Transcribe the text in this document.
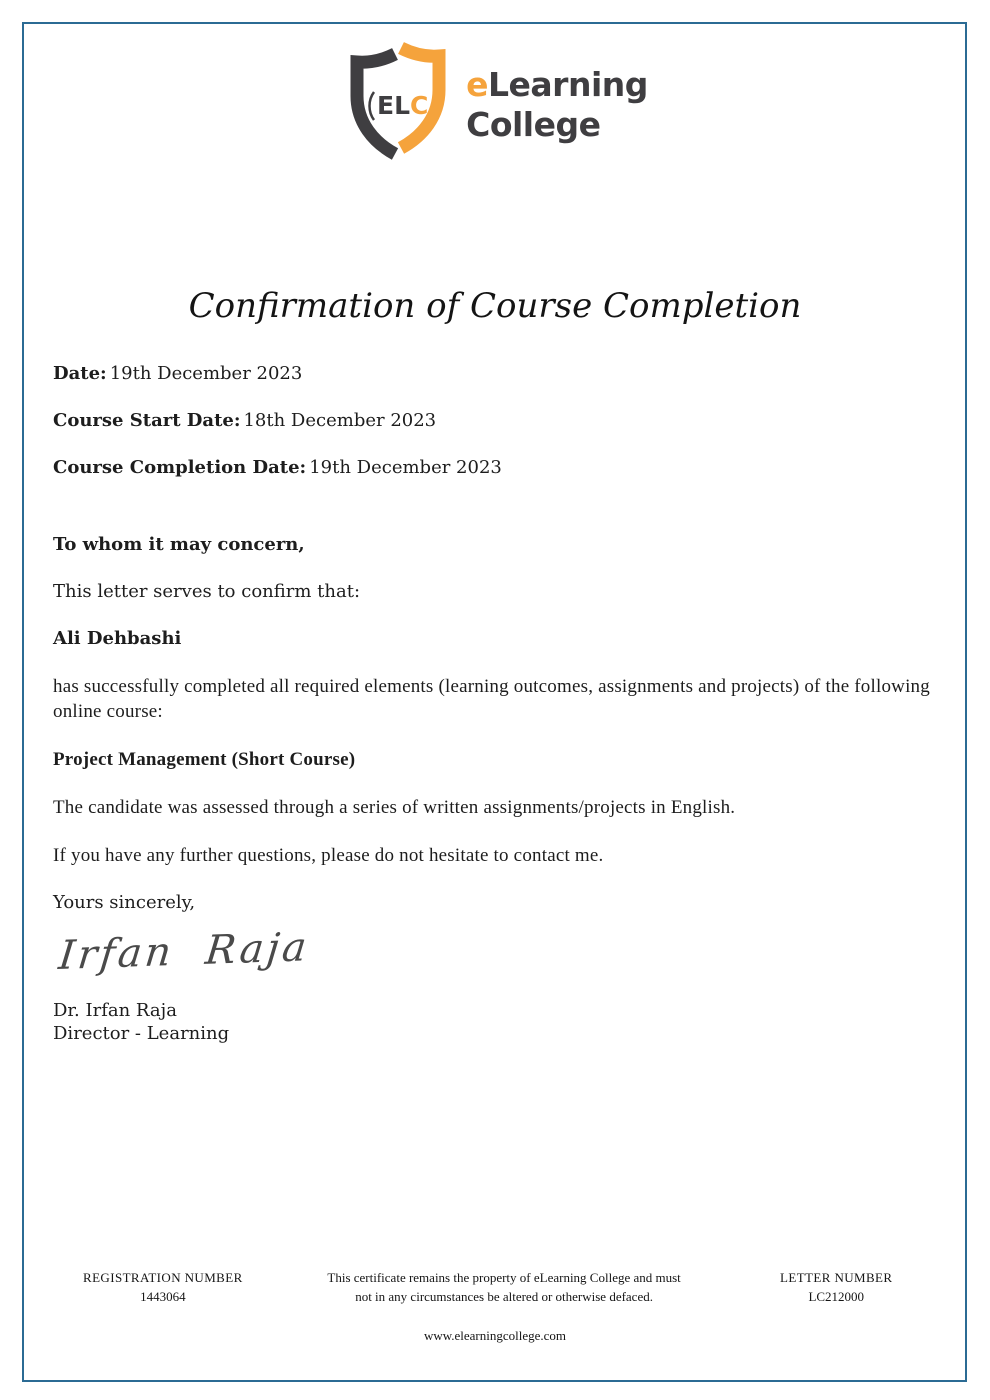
ELC
eLearning
College
Confirmation of Course Completion

Date: 19th December 2023

Course Start Date: 18th December 2023

Course Completion Date: 19th December 2023

To whom it may concern,

This letter serves to confirm that:

Ali Dehbashi

has successfully completed all required elements (learning outcomes, assignments and projects) of the following online course:

Project Management (Short Course)

The candidate was assessed through a series of written assignments/projects in English.

If you have any further questions, please do not hesitate to contact me.

Yours sincerely,

Irfan Raja
Dr. Irfan Raja
Director - Learning
REGISTRATION NUMBER
1443064
This certificate remains the property of eLearning College and must
not in any circumstances be altered or otherwise defaced.
LETTER NUMBER
LC212000
www.elearningcollege.com
